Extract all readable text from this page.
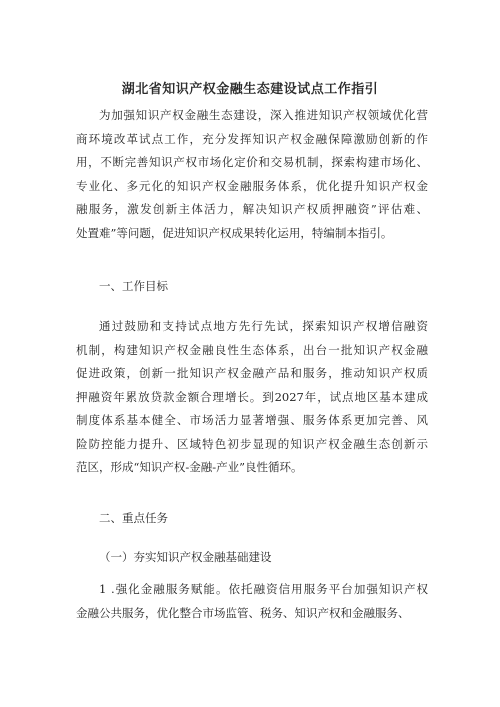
湖北省知识产权金融生态建设试点工作指引
为加强知识产权金融生态建设，深入推进知识产权领域优化营
商环境改革试点工作，充分发挥知识产权金融保障激励创新的作
用，不断完善知识产权市场化定价和交易机制，探索构建市场化、
专业化、多元化的知识产权金融服务体系，优化提升知识产权金
融服务，激发创新主体活力，解决知识产权质押融资”评估难、
处置难”等问题，促进知识产权成果转化运用，特编制本指引。
一、工作目标
通过鼓励和支持试点地方先行先试，探索知识产权增信融资
机制，构建知识产权金融良性生态体系，出台一批知识产权金融
促进政策，创新一批知识产权金融产品和服务，推动知识产权质
押融资年累放贷款金额合理增长。到2027年，试点地区基本建成
制度体系基本健全、市场活力显著增强、服务体系更加完善、风
险防控能力提升、区域特色初步显现的知识产权金融生态创新示
范区，形成“知识产权-金融-产业”良性循环。
二、重点任务
（一）夯实知识产权金融基础建设
1 .强化金融服务赋能。依托融资信用服务平台加强知识产权
金融公共服务，优化整合市场监管、税务、知识产权和金融服务、
